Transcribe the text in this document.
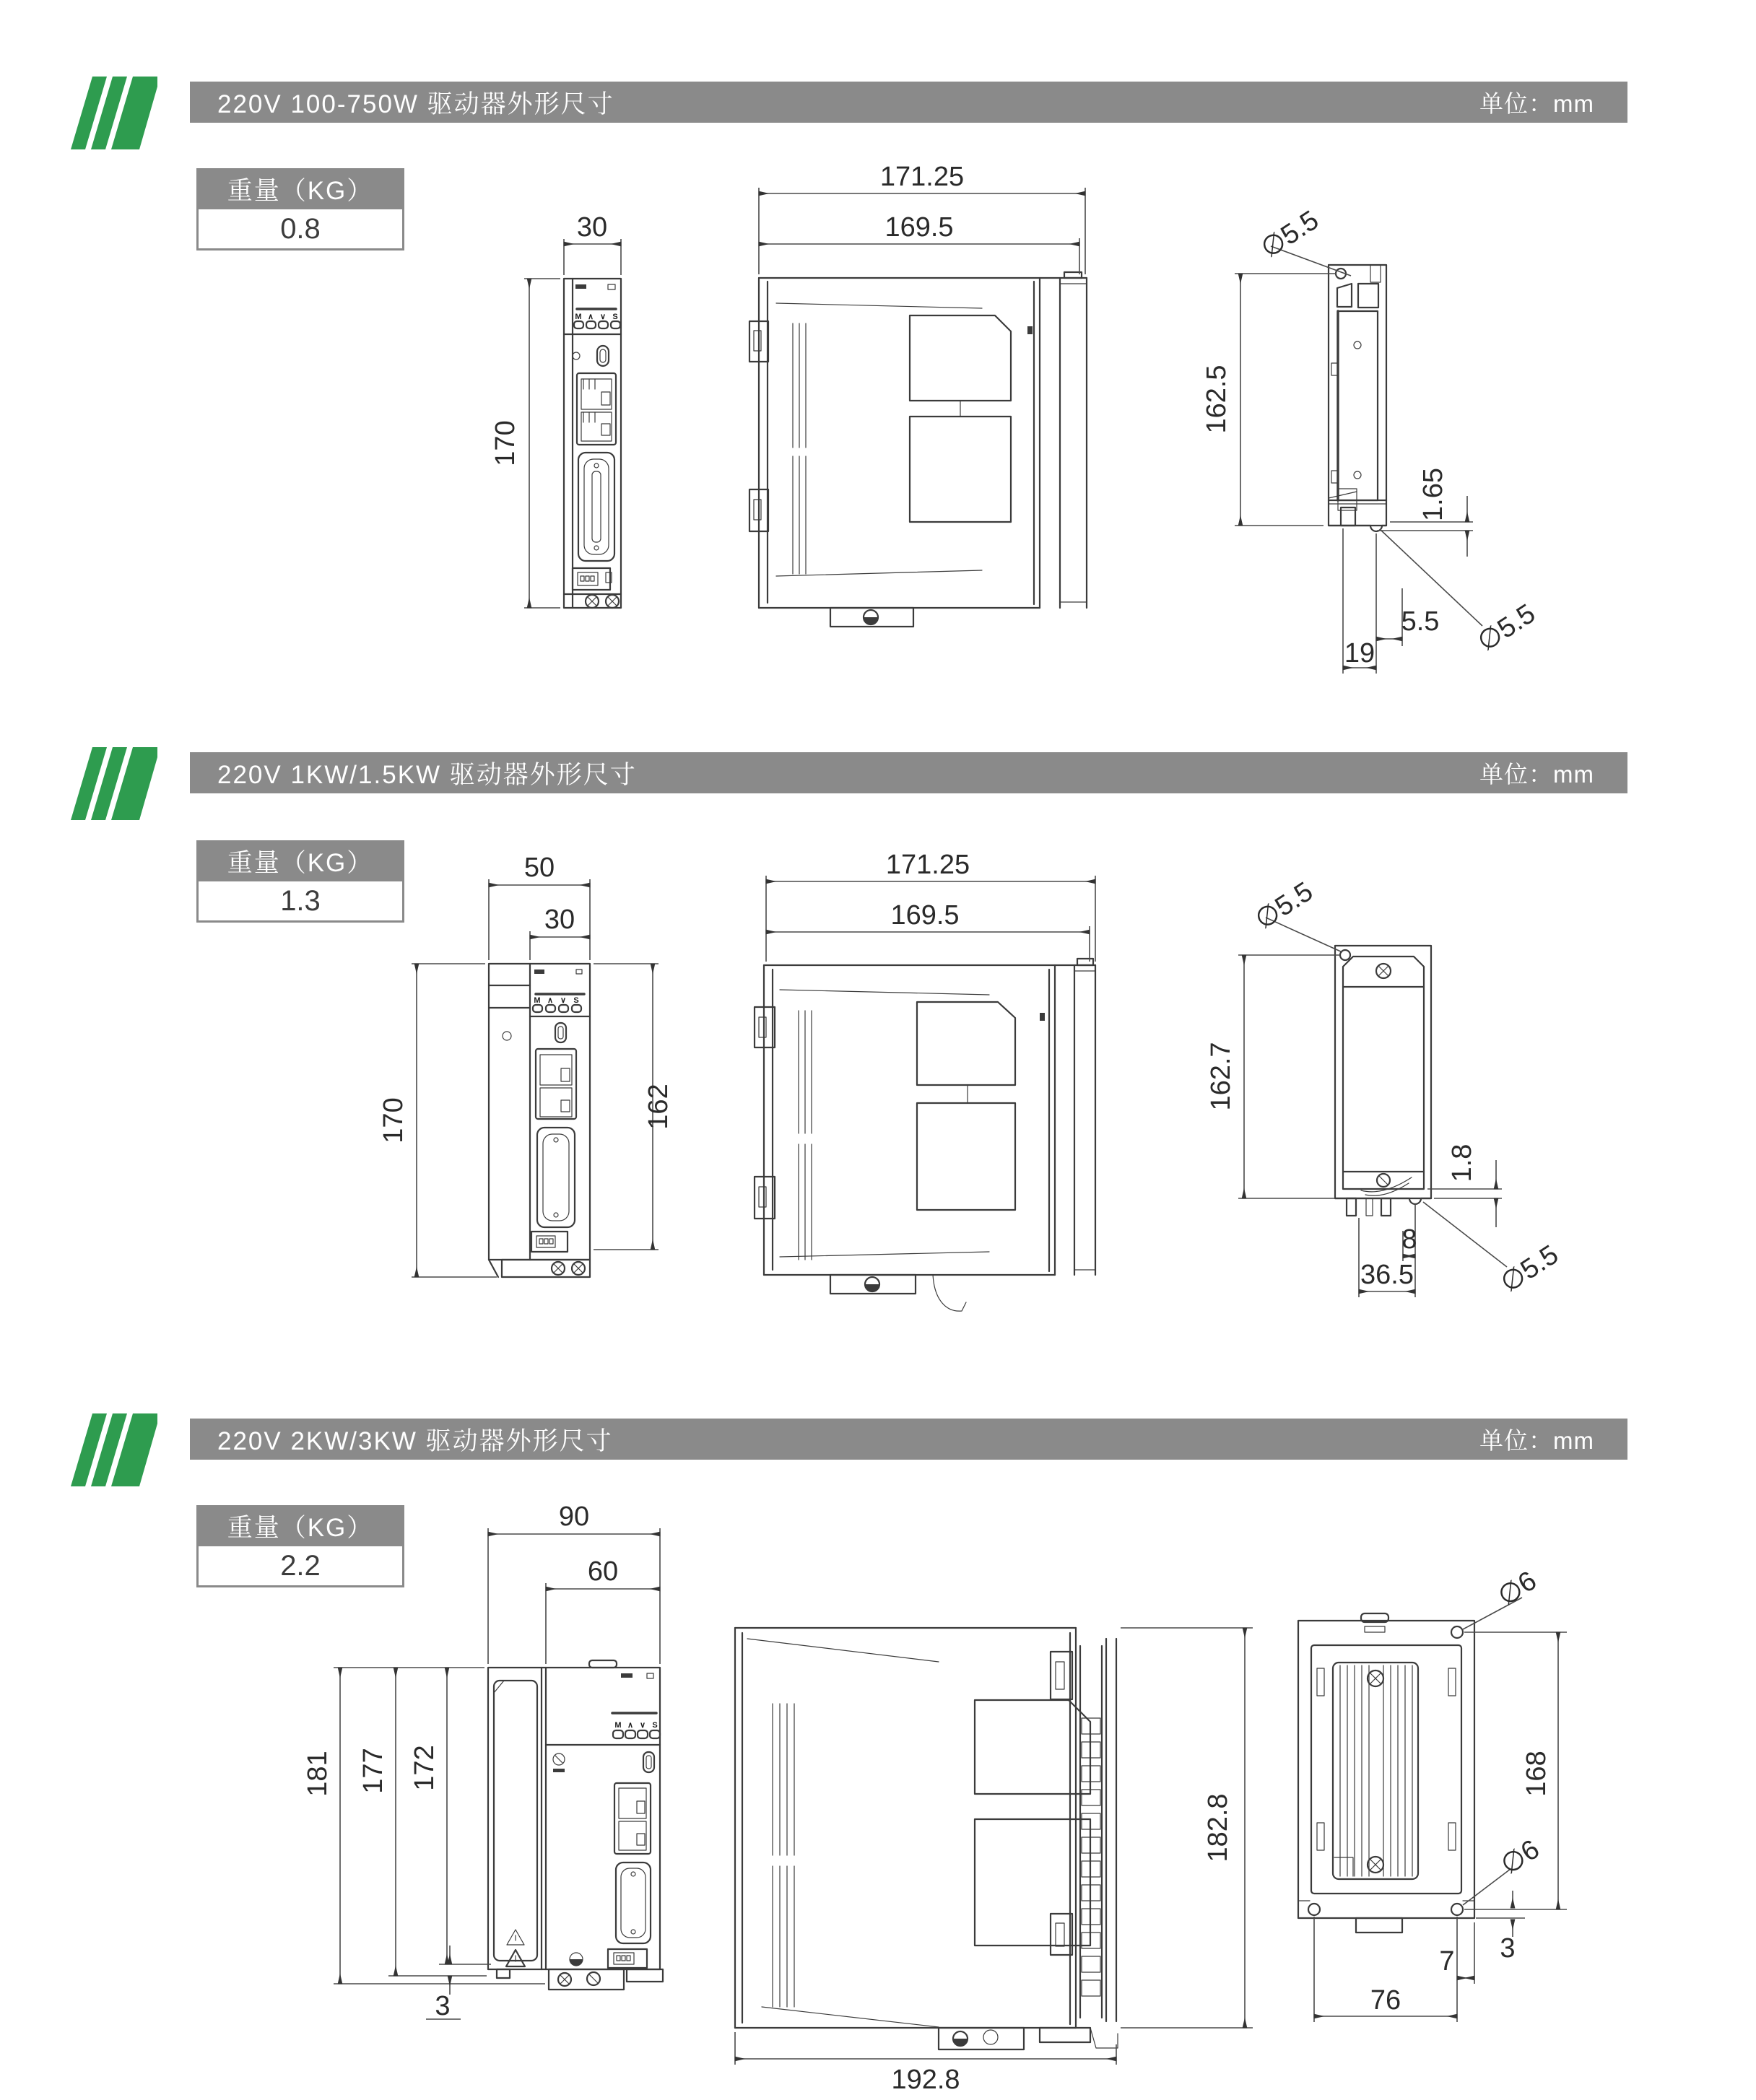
220V 100-750W 驱动器外形尺寸	单位：mm
重量（KG）
0.8
M ∧ ∨ S
30
170
171.25
169.5	∅5.5
162.5
1.65
5.5
19	∅5.5
220V 1KW/1.5KW 驱动器外形尺寸	单位：mm
重量（KG）
1.3
M ∧ ∨ S
50
30
170	162
171.25
169.5	∅5.5
162.7
1.8
8
36.5	∅5.5
220V 2KW/3KW 驱动器外形尺寸	单位：mm
重量（KG）
2.2
M ∧ ∨ S
90
60
181 177 172
3
182.8
192.8
∅6
168
∅6
3
7
76
